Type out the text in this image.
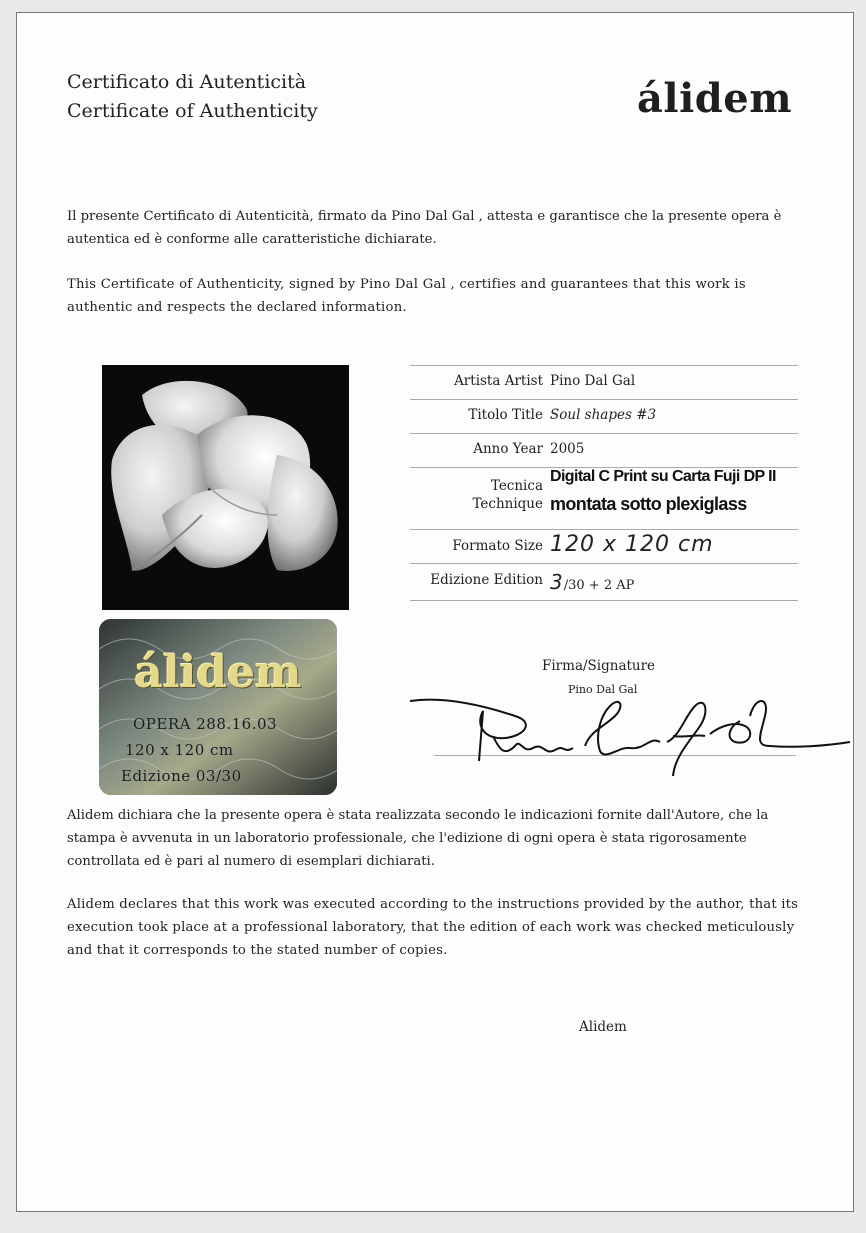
Certificato di Autenticità
Certificate of Authenticity	álidem
Il presente Certificato di Autenticità, firmato da Pino Dal Gal , attesta e garantisce che la presente opera è autentica ed è conforme alle caratteristiche dichiarate.
This Certificate of Authenticity, signed by Pino Dal Gal , certifies and guarantees that this work is authentic and respects the declared information.
álidem
OPERA 288.16.03
120 x 120 cm
Edizione 03/30
Artista Artist Pino Dal Gal
Titolo Title Soul shapes #3
Anno Year 2005
Tecnica
Technique
Digital C Print su Carta Fuji DP II
montata sotto plexiglass
Formato Size 120 x 120 cm
Edizione Edition 3/30 + 2 AP
Firma/Signature
Pino Dal Gal
Alidem dichiara che la presente opera è stata realizzata secondo le indicazioni fornite dall'Autore, che la stampa è avvenuta in un laboratorio professionale, che l'edizione di ogni opera è stata rigorosamente controllata ed è pari al numero di esemplari dichiarati.
Alidem declares that this work was executed according to the instructions provided by the author, that its execution took place at a professional laboratory, that the edition of each work was checked meticulously and that it corresponds to the stated number of copies.
Alidem
